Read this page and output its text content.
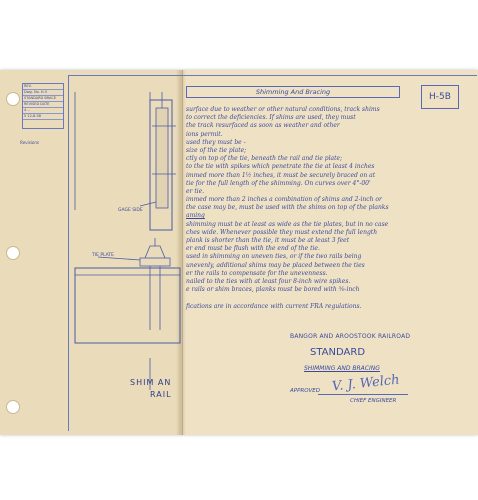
REV.
Dwg. No. H-5
STANDARD BRACE
REVISED DATE
4 --
5 12-8-58
Revisions
GAGE SIDE
TIE PLATE
SHIM AN
RAIL
Shimming And Bracing	H-5B
surface due to weather or other natural conditions, track shims
to correct the deficiencies. If shims are used, they must
the track resurfaced as soon as weather and other
ions permit.
used they must be -
size of the tie plate;
ctly on top of the tie, beneath the rail and tie plate;
to the tie with spikes which penetrate the tie at least 4 inches
immed more than 1½ inches, it must be securely braced on at
tie for the full length of the shimming. On curves over 4°-00'
er tie.
immed more than 2 inches a combination of shims and 2-inch or
the case may be, must be used with the shims on top of the planks
aming
shimming must be at least as wide as the tie plates, but in no case
ches wide. Whenever possible they must extend the full length
plank is shorter than the tie, it must be at least 3 feet
er end must be flush with the end of the tie.
used in shimming on uneven ties, or if the two rails being
unevenly, additional shims may be placed between the ties
er the rails to compensate for the unevenness.
nailed to the ties with at least four 8-inch wire spikes.
e rails or shim braces, planks must be bored with ⅝-inch
fications are in accordance with current FRA regulations.
BANGOR AND AROOSTOOK RAILROAD
STANDARD
SHIMMING AND BRACING
APPROVED V. J. Welch
CHIEF ENGINEER
